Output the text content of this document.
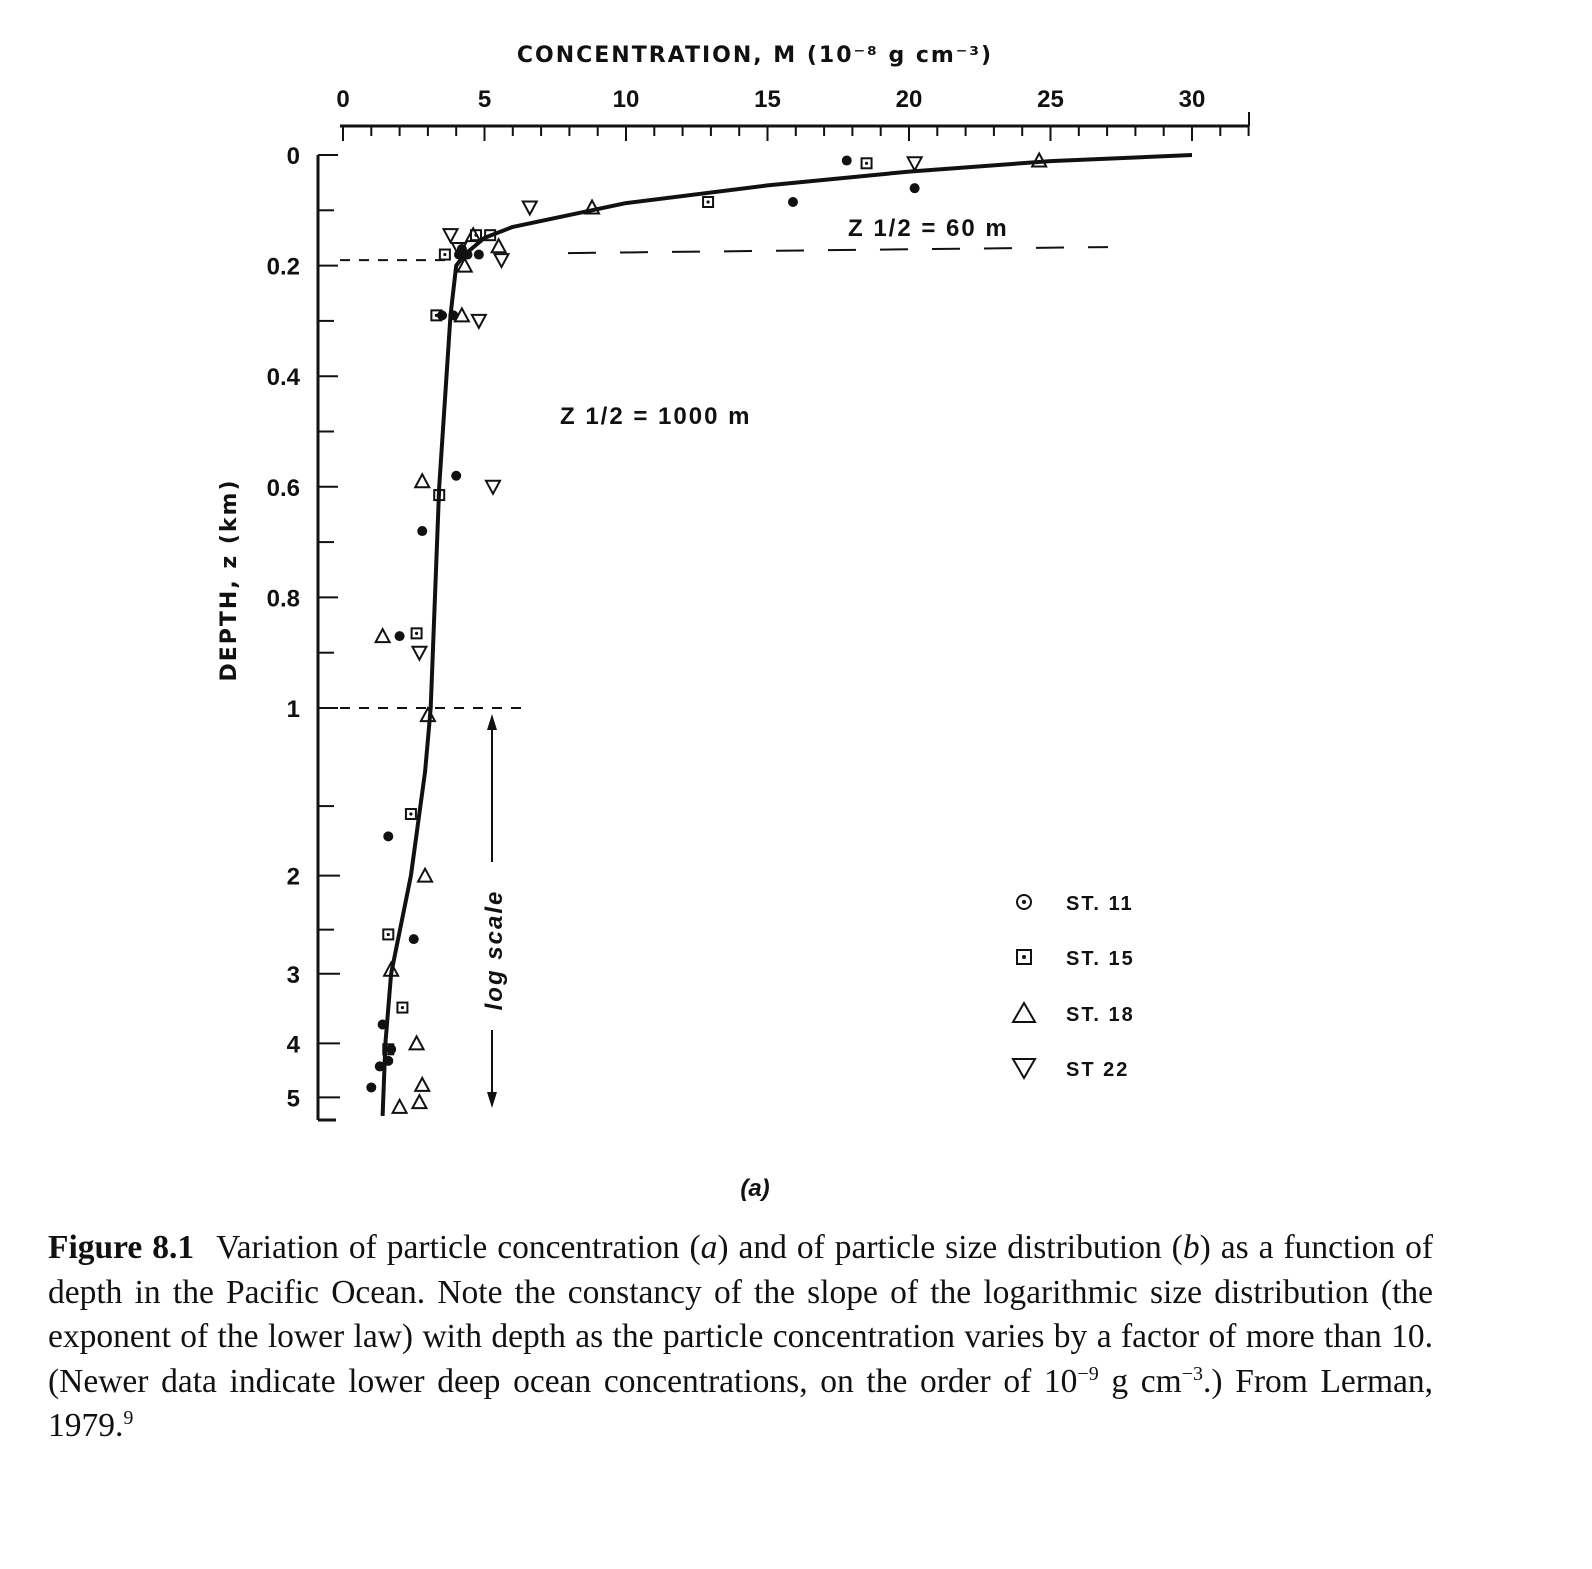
0	5	10	15	20	25	30
0
0.2
0.4
0.6
0.8
1
2
3
4
5
CONCENTRATION, M (10⁻⁸ g cm⁻³)
DEPTH, z (km)
Z 1/2 = 60 m
Z 1/2 = 1000 m
log scale	ST. 11
ST. 15
ST. 18
ST 22
(a)

Figure 8.1 Variation of particle concentration (a) and of particle size distribution (b) as a function of depth in the Pacific Ocean. Note the constancy of the slope of the logarithmic size distribution (the exponent of the lower law) with depth as the particle concentration varies by a factor of more than 10. (Newer data indicate lower deep ocean concentrations, on the order of $10^{-9}$ g $cm^{-3}$.) From Lerman, 1979.$^9$
